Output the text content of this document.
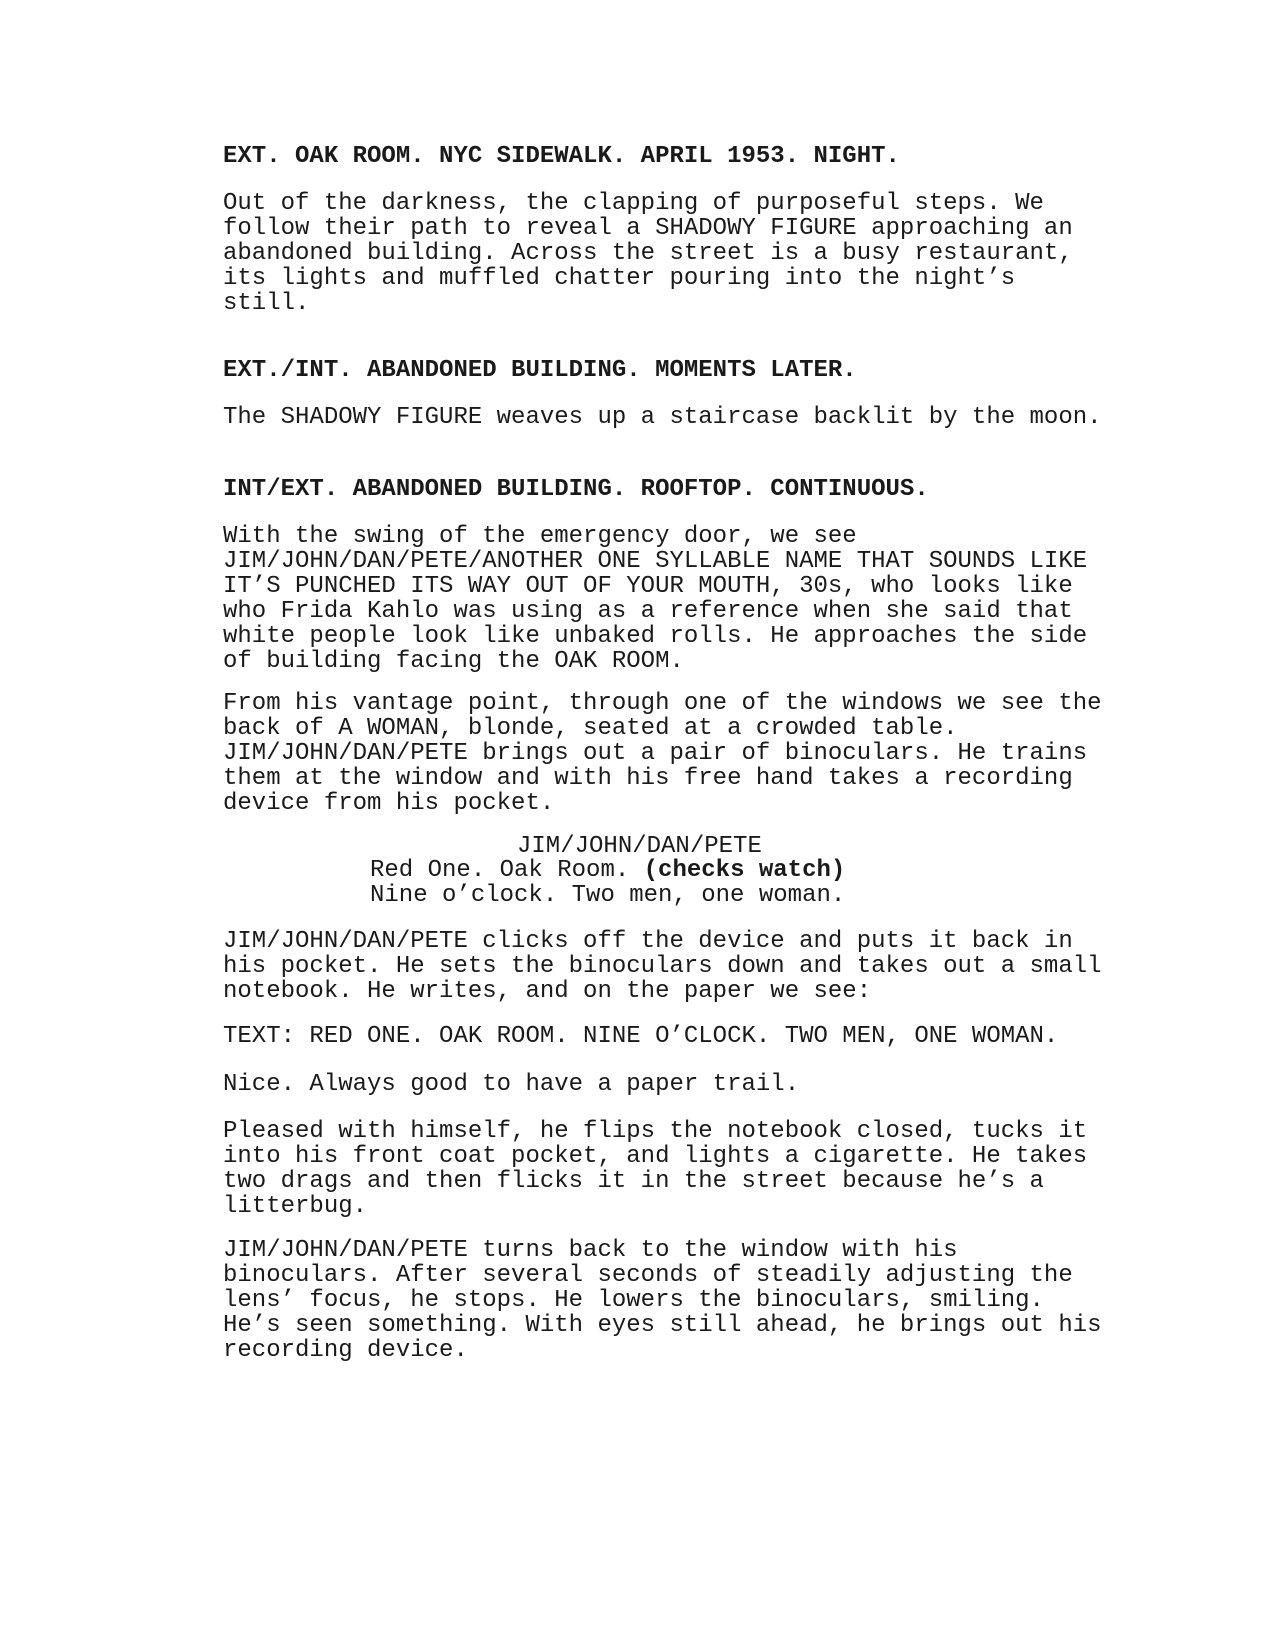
EXT. OAK ROOM. NYC SIDEWALK. APRIL 1953. NIGHT.
Out of the darkness, the clapping of purposeful steps. We
follow their path to reveal a SHADOWY FIGURE approaching an
abandoned building. Across the street is a busy restaurant,
its lights and muffled chatter pouring into the night’s
still.
EXT./INT. ABANDONED BUILDING. MOMENTS LATER.
The SHADOWY FIGURE weaves up a staircase backlit by the moon.
INT/EXT. ABANDONED BUILDING. ROOFTOP. CONTINUOUS.
With the swing of the emergency door, we see
JIM/JOHN/DAN/PETE/ANOTHER ONE SYLLABLE NAME THAT SOUNDS LIKE
IT’S PUNCHED ITS WAY OUT OF YOUR MOUTH, 30s, who looks like
who Frida Kahlo was using as a reference when she said that
white people look like unbaked rolls. He approaches the side
of building facing the OAK ROOM.
From his vantage point, through one of the windows we see the
back of A WOMAN, blonde, seated at a crowded table.
JIM/JOHN/DAN/PETE brings out a pair of binoculars. He trains
them at the window and with his free hand takes a recording
device from his pocket.
JIM/JOHN/DAN/PETE
Red One. Oak Room. (checks watch)
Nine o’clock. Two men, one woman.
JIM/JOHN/DAN/PETE clicks off the device and puts it back in
his pocket. He sets the binoculars down and takes out a small
notebook. He writes, and on the paper we see:
TEXT: RED ONE. OAK ROOM. NINE O’CLOCK. TWO MEN, ONE WOMAN.
Nice. Always good to have a paper trail.
Pleased with himself, he flips the notebook closed, tucks it
into his front coat pocket, and lights a cigarette. He takes
two drags and then flicks it in the street because he’s a
litterbug.
JIM/JOHN/DAN/PETE turns back to the window with his
binoculars. After several seconds of steadily adjusting the
lens’ focus, he stops. He lowers the binoculars, smiling.
He’s seen something. With eyes still ahead, he brings out his
recording device.
